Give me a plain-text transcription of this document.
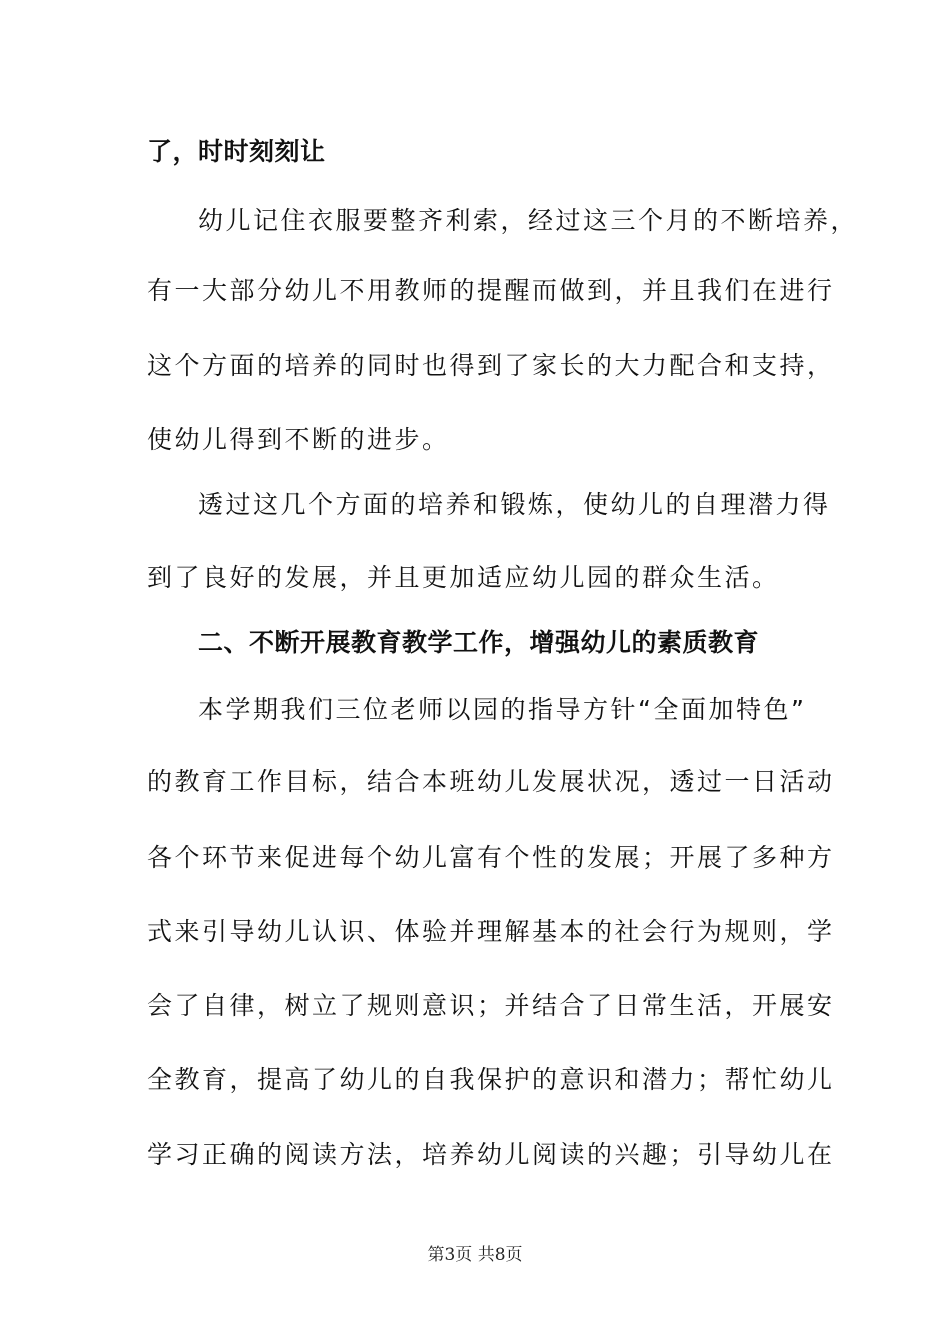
了，时时刻刻让
幼儿记住衣服要整齐利索，经过这三个月的不断培养，
有一大部分幼儿不用教师的提醒而做到，并且我们在进行
这个方面的培养的同时也得到了家长的大力配合和支持，
使幼儿得到不断的进步。
透过这几个方面的培养和锻炼，使幼儿的自理潜力得
到了良好的发展，并且更加适应幼儿园的群众生活。
二、不断开展教育教学工作，增强幼儿的素质教育
本学期我们三位老师以园的指导方针“全面加特色”
的教育工作目标，结合本班幼儿发展状况，透过一日活动
各个环节来促进每个幼儿富有个性的发展；开展了多种方
式来引导幼儿认识、体验并理解基本的社会行为规则，学
会了自律，树立了规则意识；并结合了日常生活，开展安
全教育，提高了幼儿的自我保护的意识和潜力；帮忙幼儿
学习正确的阅读方法，培养幼儿阅读的兴趣；引导幼儿在
第3页 共8页
